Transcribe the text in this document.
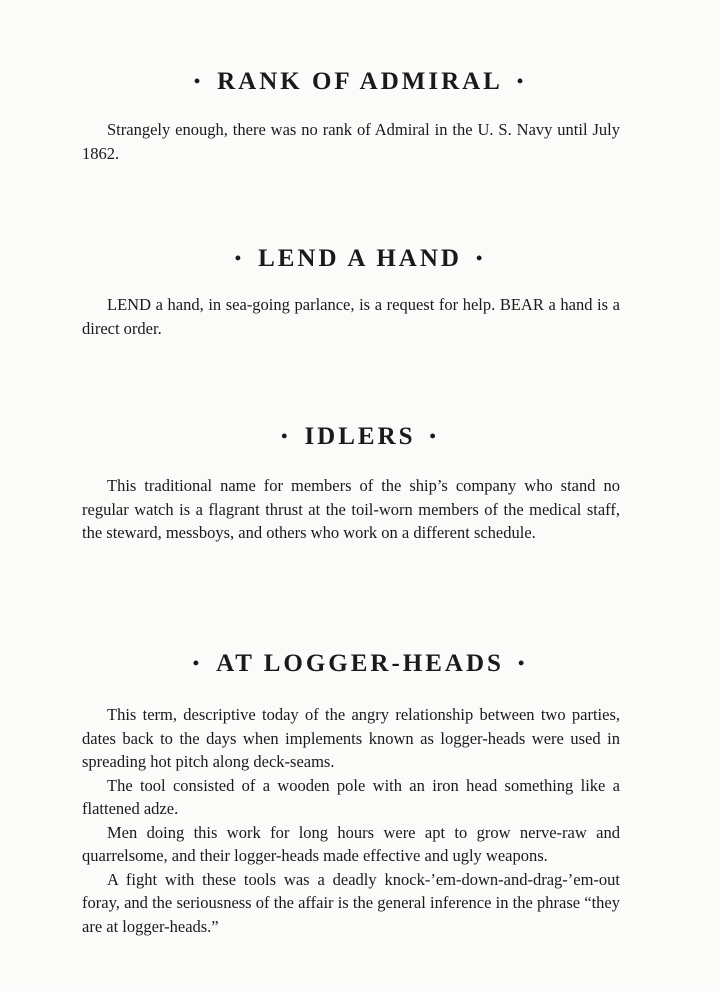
• RANK OF ADMIRAL •

Strangely enough, there was no rank of Admiral in the U. S. Navy until July 1862.

• LEND A HAND •

LEND a hand, in sea-going parlance, is a request for help. BEAR a hand is a direct order.

• IDLERS •

This traditional name for members of the ship’s company who stand no regular watch is a flagrant thrust at the toil-worn members of the medical staff, the steward, messboys, and others who work on a different schedule.

• AT LOGGER-HEADS •

This term, descriptive today of the angry relationship between two parties, dates back to the days when implements known as logger-heads were used in spreading hot pitch along deck-seams.

The tool consisted of a wooden pole with an iron head something like a flattened adze.

Men doing this work for long hours were apt to grow nerve-raw and quarrelsome, and their logger-heads made effective and ugly weapons.

A fight with these tools was a deadly knock-’em-down-and-drag-’em-out foray, and the seriousness of the affair is the general inference in the phrase “they are at logger-heads.”
